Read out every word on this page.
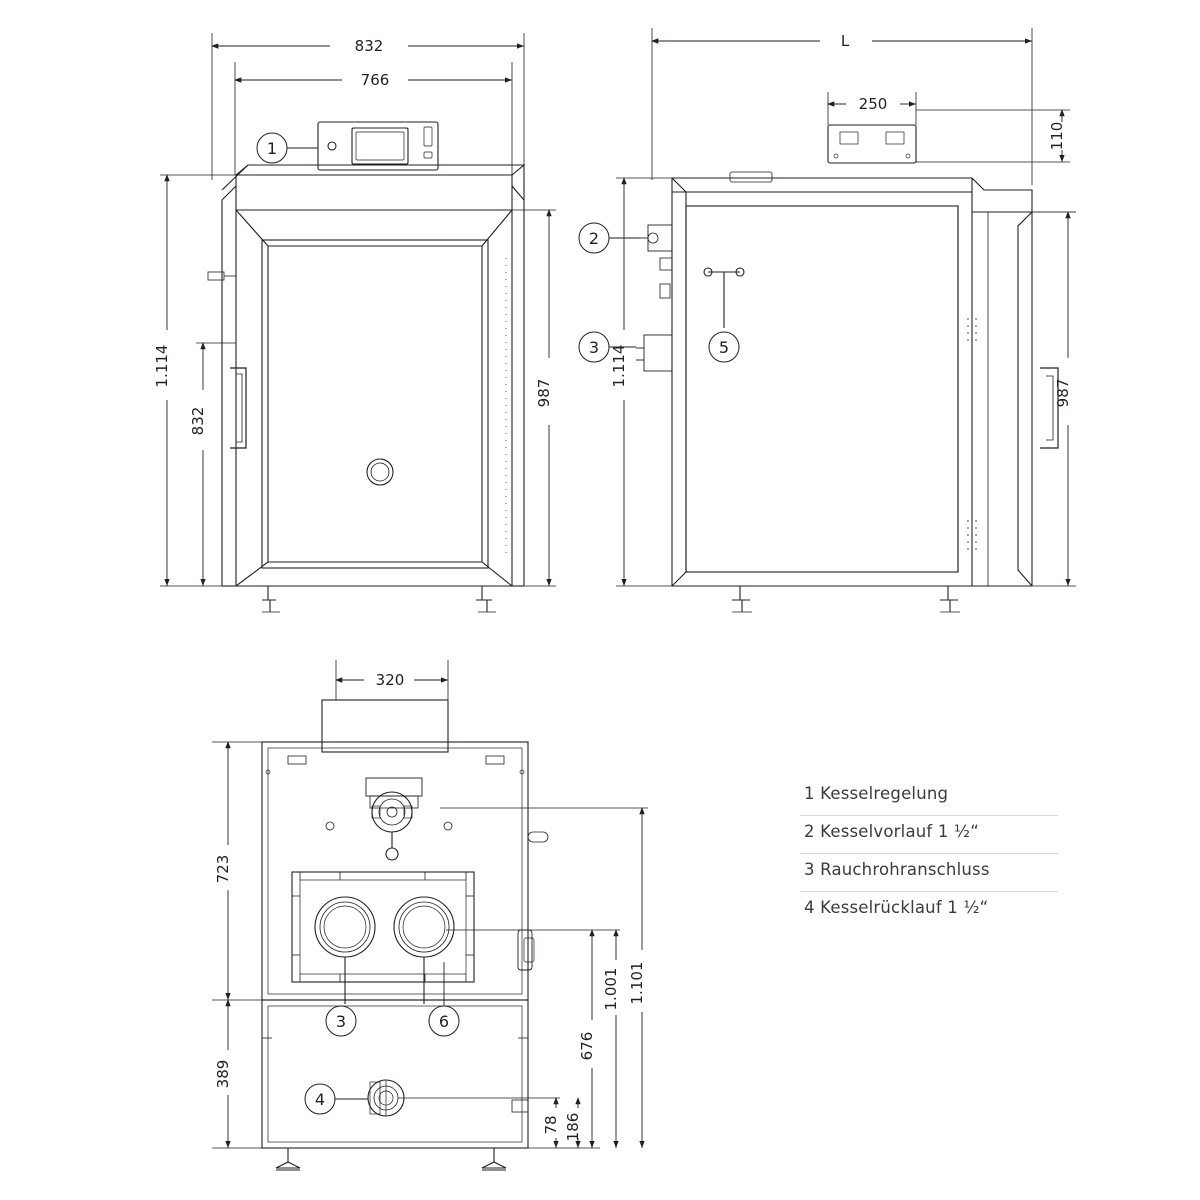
832
766
1.114
832
987
L
250
110
1.114
987
320
723
389
1.001 1.101
676
78 186
1
2
3	5
3	6
4
1 Kesselregelung
2 Kesselvorlauf 1 ½“
3 Rauchrohranschluss
4 Kesselrücklauf 1 ½“
